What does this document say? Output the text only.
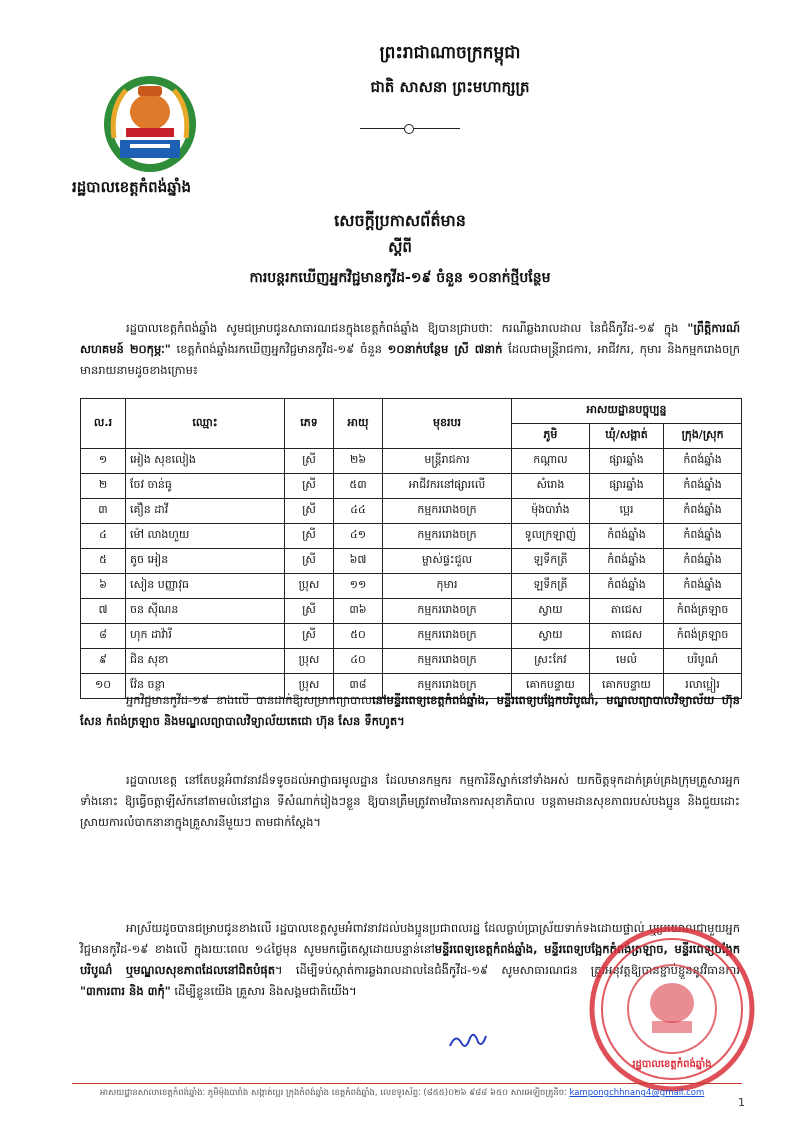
រដ្ឋបាលខេត្តកំពង់ឆ្នាំង
ព្រះរាជាណាចក្រកម្ពុជា
ជាតិ សាសនា ព្រះមហាក្សត្រ
សេចក្តីប្រកាសព័ត៌មាន
ស្តីពី
ការបន្តរកឃើញអ្នកវិជ្ជមានកូវីដ-១៩ ចំនួន ១០នាក់ថ្មីបន្ថែម
រដ្ឋបាលខេត្តកំពង់ឆ្នាំង សូមជម្រាបជូនសាធារណជនក្នុងខេត្តកំពង់ឆ្នាំង ឱ្យបានជ្រាបថាៈ ករណីឆ្លងរាលដាល នៃជំងឺកូវីដ-១៩ ក្នុង "ព្រឹត្តិការណ៍សហគមន៍ ២០កុម្ភៈ" ខេត្តកំពង់ឆ្នាំងរកឃើញអ្នកវិជ្ជមានកូវីដ-១៩ ចំនួន ១០នាក់បន្ថែម ស្រី ៧នាក់ ដែលជាមន្ត្រីរាជការ, អាជីវករ, កុមារ និងកម្មករោងចក្រ មានរាយនាមដូចខាងក្រោម៖
ល.រ	ឈ្មោះ	ភេទ	អាយុ	មុខរបរ	អាសយដ្ឋានបច្ចុប្បន្ន		
					ភូមិ	ឃុំ/សង្កាត់	ក្រុង/ស្រុក
១	អៀង សុខលៀង	ស្រី	២៦	មន្ត្រីរាជការ	កណ្តាល	ផ្សារឆ្នាំង	កំពង់ឆ្នាំង
២	ចែវ ចាន់ធូ	ស្រី	៥៣	អាជីវករនៅផ្សារលើ	សំរោង	ផ្សារឆ្នាំង	កំពង់ឆ្នាំង
៣	គឿន ដាវី	ស្រី	៤៤	កម្មកររោងចក្រ	ម៉ុងបារាំង	ប្អេរ	កំពង់ឆ្នាំង
៤	ម៉ៅ លាងហួយ	ស្រី	៤១	កម្មកររោងចក្រ	ទូលក្រឡាញ់	កំពង់ឆ្នាំង	កំពង់ឆ្នាំង
៥	តូច អៀន	ស្រី	៦៧	ម្ចាស់ផ្ទះជួល	ឡទឹកត្រី	កំពង់ឆ្នាំង	កំពង់ឆ្នាំង
៦	សៀន បញ្ញាវុធ	ប្រុស	១១	កុមារ	ឡទឹកត្រី	កំពង់ឆ្នាំង	កំពង់ឆ្នាំង
៧	ចន ស៊ីណន	ស្រី	៣៦	កម្មកររោងចក្រ	ស្វាយ	តាជេស	កំពង់ត្រឡាច
៨	ហុក ដាវ៉ារី	ស្រី	៥០	កម្មកររោងចក្រ	ស្វាយ	តាជេស	កំពង់ត្រឡាច
៩	ជិន សុខា	ប្រុស	៤០	កម្មកររោងចក្រ	ស្រះកែវ	មេលំ	បរិបូណ៌
១០	វ៉ែន ចន្ថា	ប្រុស	៣៨	កម្មកររោងចក្រ	គោកបន្ទាយ	គោកបន្ទាយ	រលាប្អៀរ
អ្នកវិជ្ជមានកូវីដ-១៩ ខាងលើ បានដាក់ឱ្យសម្រាកព្យាបាលនៅមន្ទីរពេទ្យខេត្តកំពង់ឆ្នាំង, មន្ទីរពេទ្យបង្អែកបរិបូណ៌, មណ្ឌលព្យាបាលវិទ្យាល័យ ហ៊ុន សែន កំពង់ត្រឡាច និងមណ្ឌលព្យាបាលវិទ្យាល័យតេជោ ហ៊ុន សែន ទឹកហូត។
រដ្ឋបាលខេត្ត នៅតែបន្តអំពាវនាវដ៏ទទូចដល់អាជ្ញាធរមូលដ្ឋាន ដែលមានកម្មករ កម្មការិនីស្នាក់នៅទាំងអស់ យកចិត្តទុកដាក់គ្រប់គ្រងក្រុមគ្រួសារអ្នកទាំងនោះ ឱ្យធ្វើចត្តាឡីស័កនៅតាមលំនៅដ្ឋាន ទីសំណាក់រៀងៗខ្លួន ឱ្យបានត្រឹមត្រូវតាមវិធានការសុខាភិបាល បន្តតាមដានសុខភាពរបស់បងប្អូន និងជួយដោះស្រាយការលំបាកនានាក្នុងគ្រួសារនីមួយៗ តាមជាក់ស្តែង។
អាស្រ័យដូចបានជម្រាបជូនខាងលើ រដ្ឋបាលខេត្តសូមអំពាវនាវដល់បងប្អូនប្រជាពលរដ្ឋ ដែលធ្លាប់ប្រាស្រ័យទាក់ទងដោយផ្ទាល់ ឬប្រយោលជាមួយអ្នកវិជ្ជមានកូវីដ-១៩ ខាងលើ ក្នុងរយៈពេល ១៤ថ្ងៃមុន សូមមកធ្វើតេស្តដោយបន្ទាន់នៅមន្ទីរពេទ្យខេត្តកំពង់ឆ្នាំង, មន្ទីរពេទ្យបង្អែកកំពង់ត្រឡាច, មន្ទីរពេទ្យបង្អែកបរិបូណ៌ ឬមណ្ឌលសុខភាពដែលនៅជិតបំផុត។ ដើម្បីទប់ស្កាត់ការឆ្លងរាលដាលនៃជំងឺកូវីដ-១៩ សូមសាធារណជន ត្រូវអនុវត្តឱ្យបានខ្ជាប់ខ្ជួននូវវិធានការ "៣ការពារ និង ៣កុំ" ដើម្បីខ្លួនយើង គ្រួសារ និងសង្គមជាតិយើង។
រដ្ឋបាលខេត្តកំពង់ឆ្នាំង
អាសយដ្ឋានសាលាខេត្តកំពង់ឆ្នាំងៈ ភូមិម៉ុងបារាំង សង្កាត់ប្អេរ ក្រុងកំពង់ឆ្នាំង ខេត្តកំពង់ឆ្នាំង, លេខទូរស័ព្ទៈ (៨៥៥)០២៦ ៩៨៨ ៦៥០ សារអេឡិចត្រូនិចៈ kampongchhnang4@gmail.com
1
